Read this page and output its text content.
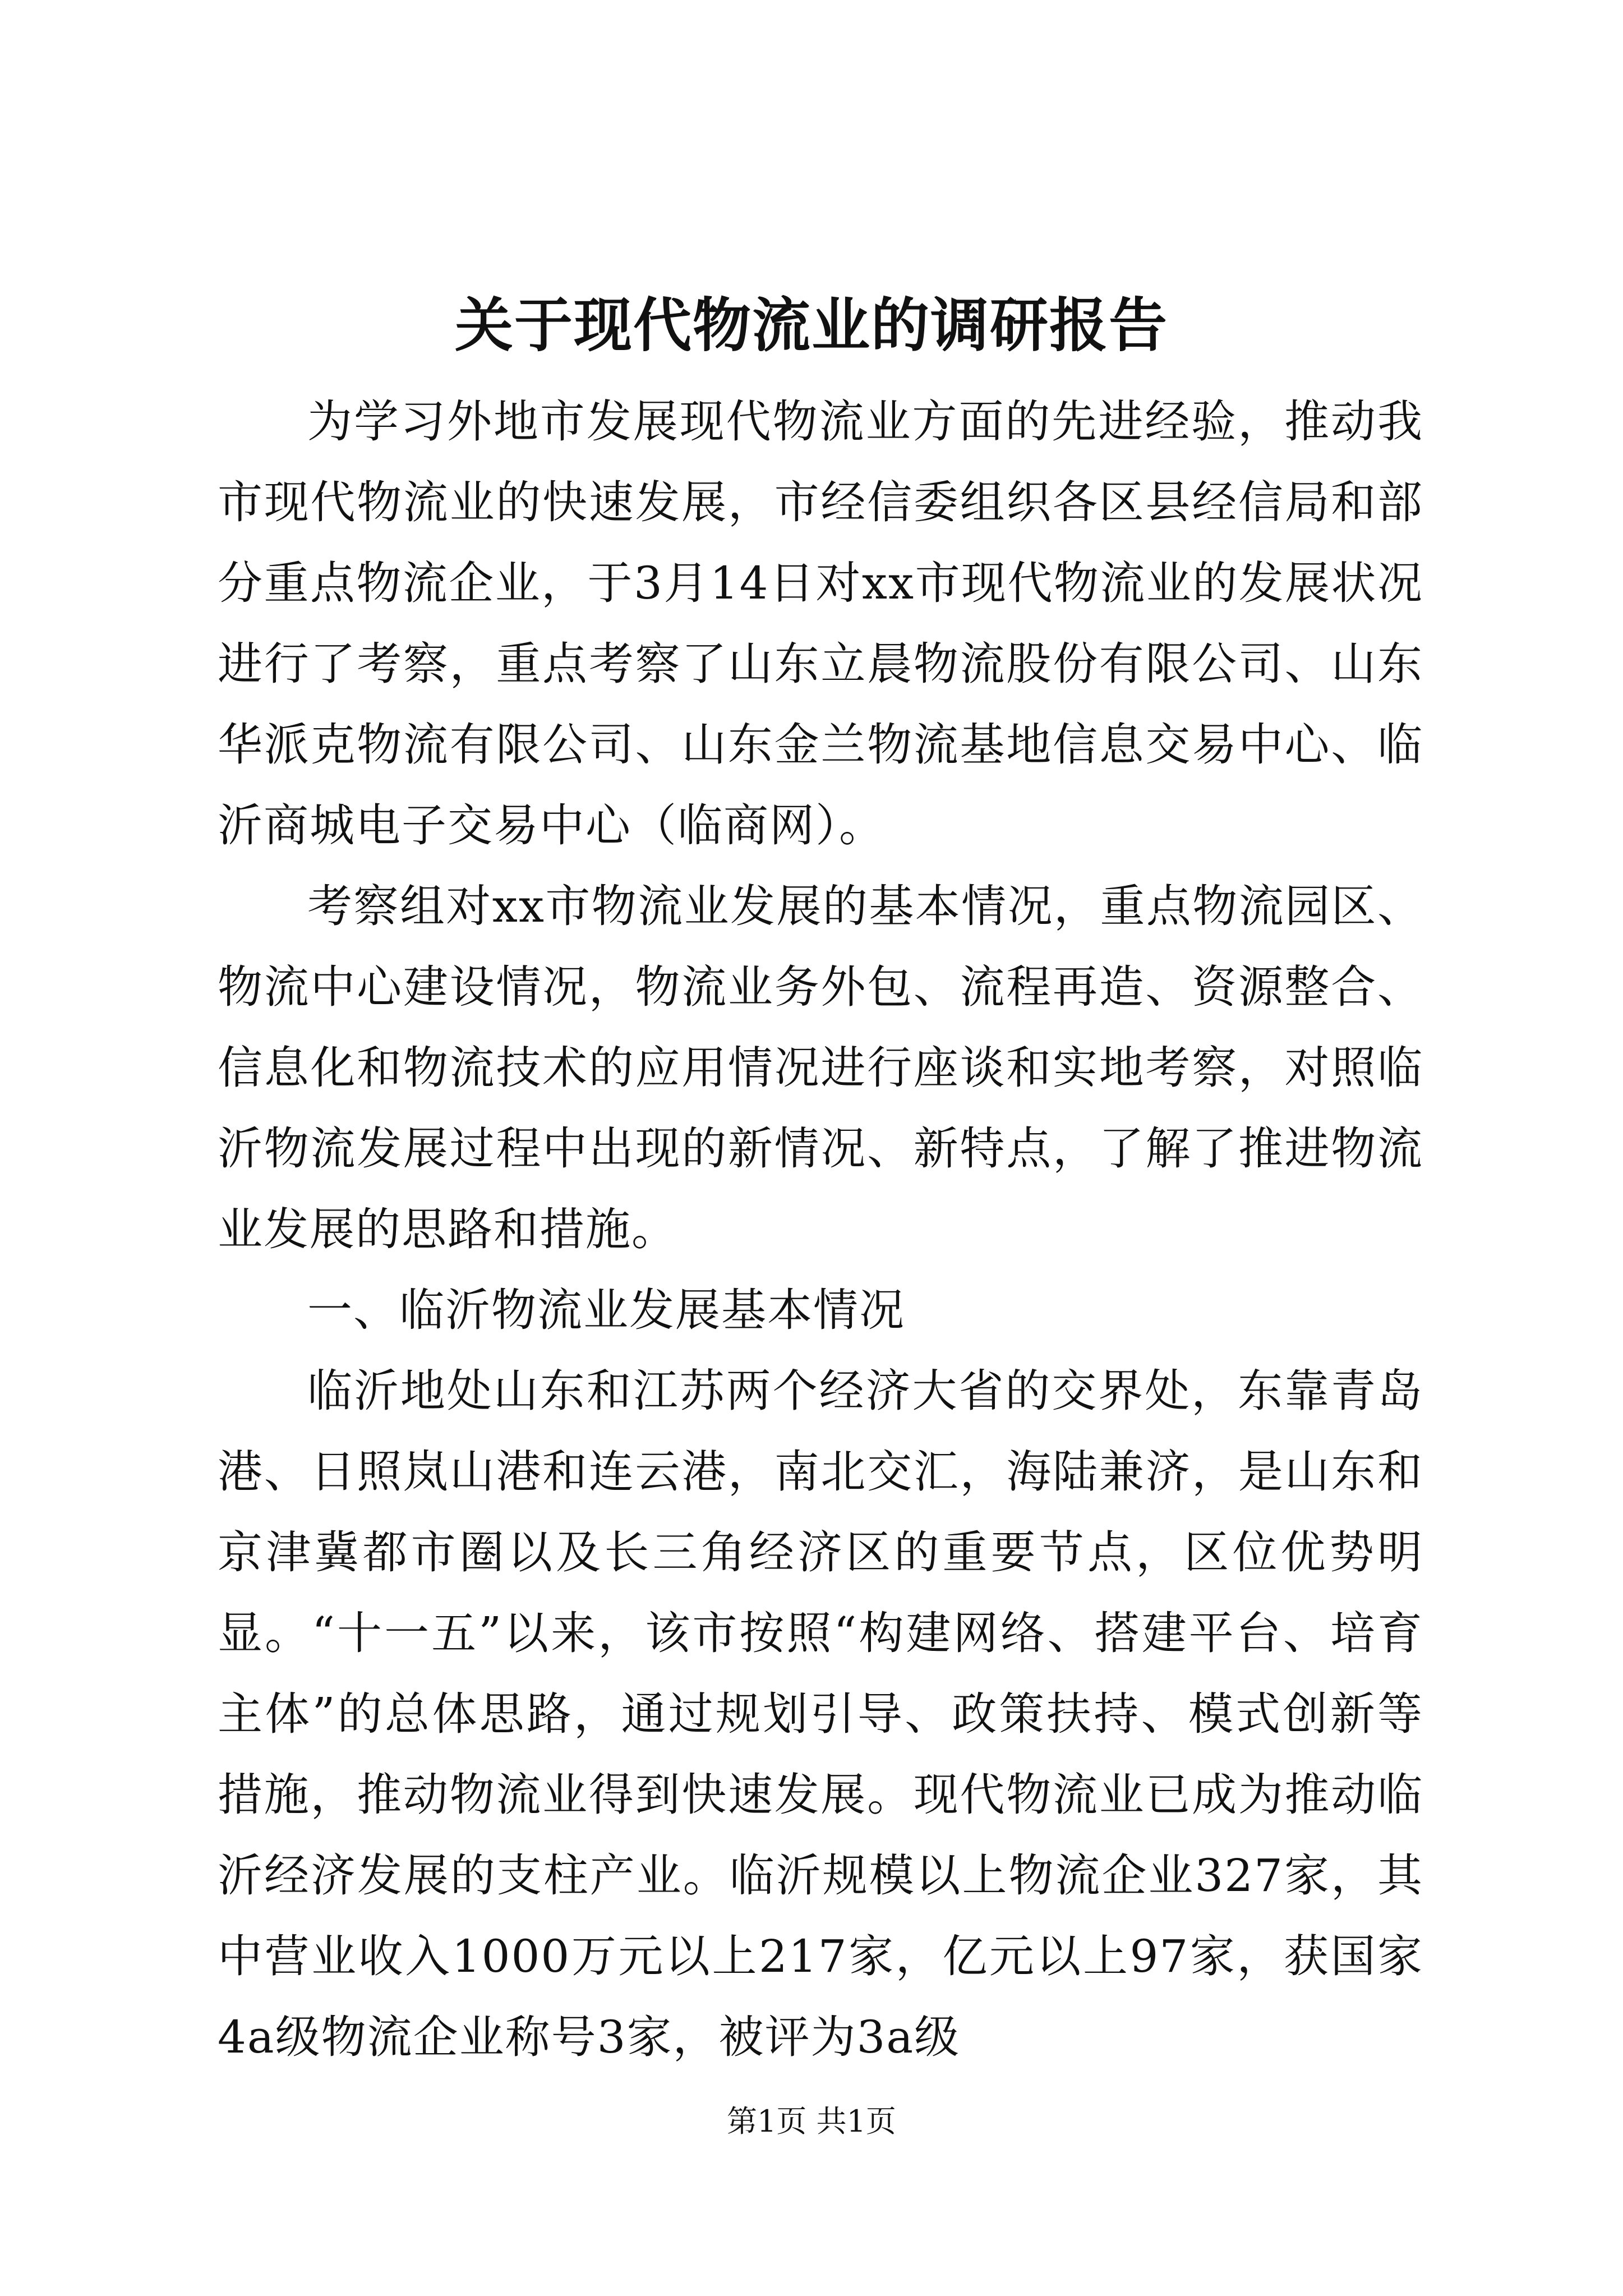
关于现代物流业的调研报告

为学习外地市发展现代物流业方面的先进经验，推动我市现代物流业的快速发展，市经信委组织各区县经信局和部分重点物流企业，于3月14日对xx市现代物流业的发展状况进行了考察，重点考察了山东立晨物流股份有限公司、山东华派克物流有限公司、山东金兰物流基地信息交易中心、临沂商城电子交易中心（临商网）。

考察组对xx市物流业发展的基本情况，重点物流园区、物流中心建设情况，物流业务外包、流程再造、资源整合、信息化和物流技术的应用情况进行座谈和实地考察，对照临沂物流发展过程中出现的新情况、新特点，了解了推进物流业发展的思路和措施。

一、临沂物流业发展基本情况

临沂地处山东和江苏两个经济大省的交界处，东靠青岛港、日照岚山港和连云港，南北交汇，海陆兼济，是山东和京津冀都市圈以及长三角经济区的重要节点，区位优势明显。“十一五”以来，该市按照“构建网络、搭建平台、培育主体”的总体思路，通过规划引导、政策扶持、模式创新等措施，推动物流业得到快速发展。现代物流业已成为推动临沂经济发展的支柱产业。临沂规模以上物流企业327家，其中营业收入1000万元以上217家，亿元以上97家，获国家4a级物流企业称号3家，被评为3a级

第1页 共1页
